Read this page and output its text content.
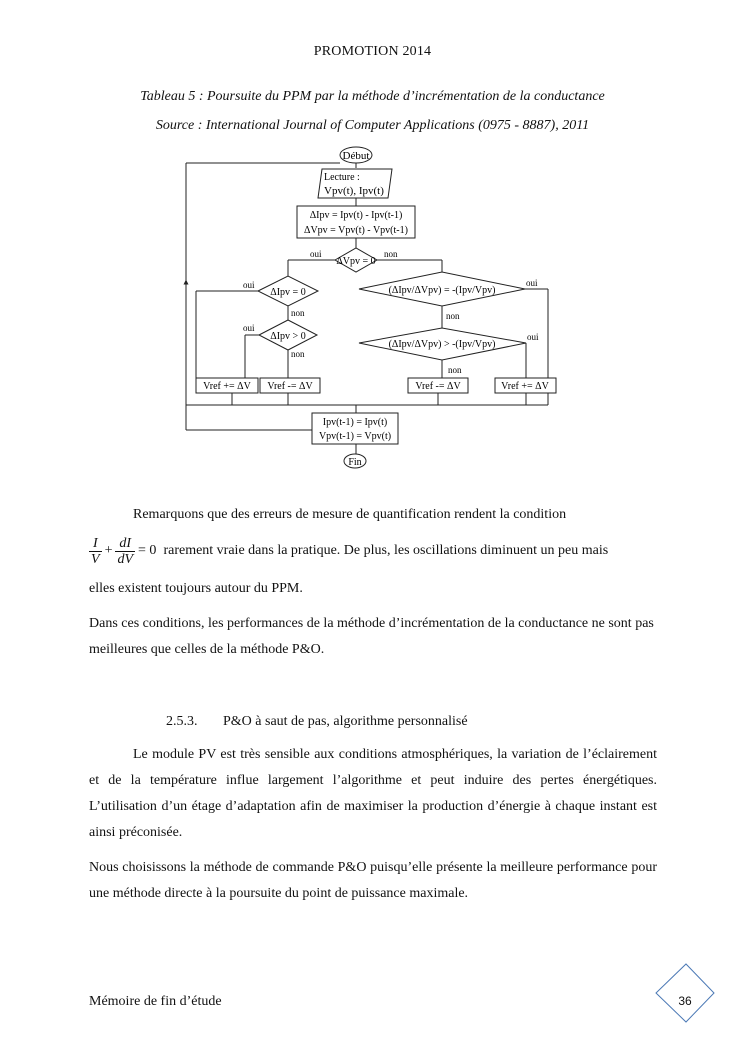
PROMOTION 2014
Tableau 5 : Poursuite du PPM par la méthode d’incrémentation de la conductance
Source : International Journal of Computer Applications (0975 - 8887), 2011
Début
Lecture :
Vpv(t), Ipv(t)
ΔIpv = Ipv(t) - Ipv(t-1)
ΔVpv = Vpv(t) - Vpv(t-1)
ΔVpv = 0
oui	non
ΔIpv = 0
oui
non
ΔIpv > 0
oui
non
(ΔIpv/ΔVpv) = -(Ipv/Vpv)
oui
non
(ΔIpv/ΔVpv) > -(Ipv/Vpv)
oui
non
Vref += ΔV Vref -= ΔV	Vref -= ΔV	Vref += ΔV
Ipv(t-1) = Ipv(t)
Vpv(t-1) = Vpv(t)
Fin
Remarquons que des erreurs de mesure de quantification rendent la condition
$\frac{I}{V} + \frac{dI}{dV} = 0$ rarement vraie dans la pratique. De plus, les oscillations diminuent un peu mais
elles existent toujours autour du PPM.
Dans ces conditions, les performances de la méthode d’incrémentation de la conductance ne sont pas meilleures que celles de la méthode P&O.
2.5.3. P&O à saut de pas, algorithme personnalisé
Le module PV est très sensible aux conditions atmosphériques, la variation de l’éclairement et de la température influe largement l’algorithme et peut induire des pertes énergétiques. L’utilisation d’un étage d’adaptation afin de maximiser la production d’énergie à chaque instant est ainsi préconisée.
Nous choisissons la méthode de commande P&O puisqu’elle présente la meilleure performance pour une méthode directe à la poursuite du point de puissance maximale.
Mémoire de fin d’étude	36
